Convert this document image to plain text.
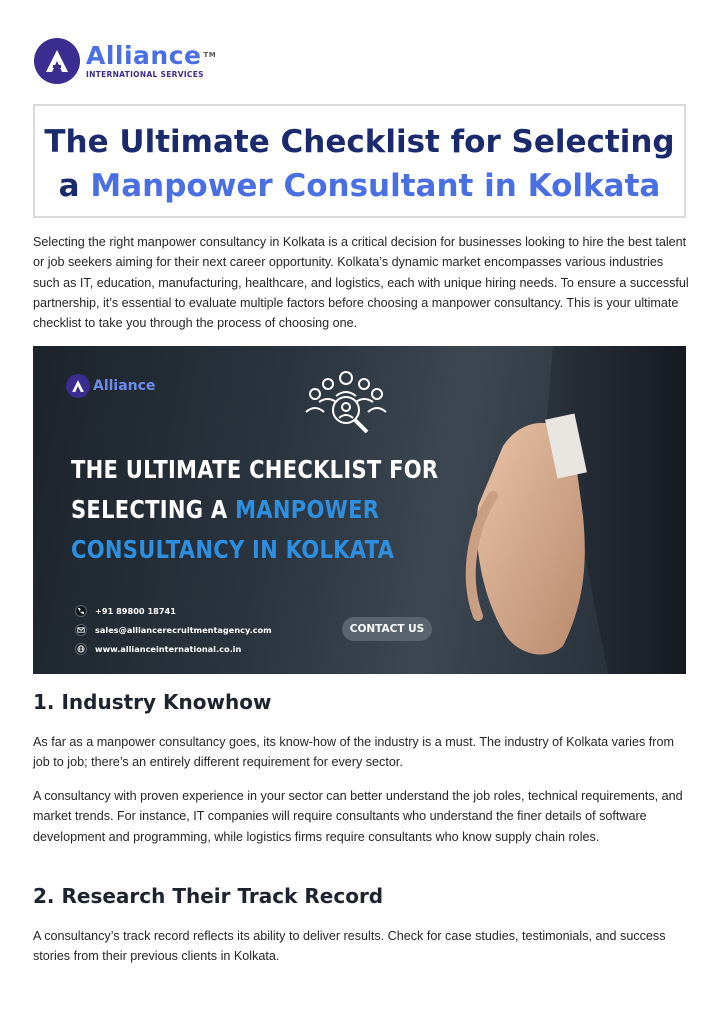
Alliance ™
INTERNATIONAL SERVICES
The Ultimate Checklist for Selecting
a Manpower Consultant in Kolkata

Selecting the right manpower consultancy in Kolkata is a critical decision for businesses looking to hire the best talent or job seekers aiming for their next career opportunity. Kolkata’s dynamic market encompasses various industries such as IT, education, manufacturing, healthcare, and logistics, each with unique hiring needs. To ensure a successful partnership, it’s essential to evaluate multiple factors before choosing a manpower consultancy. This is your ultimate checklist to take you through the process of choosing one.

Alliance
THE ULTIMATE CHECKLIST FOR
SELECTING A MANPOWER
CONSULTANCY IN KOLKATA
+91 89800 18741
sales@alliancerecruitmentagency.com
www.allianceinternational.co.in
CONTACT US
1. Industry Knowhow

As far as a manpower consultancy goes, its know-how of the industry is a must. The industry of Kolkata varies from job to job; there’s an entirely different requirement for every sector.

A consultancy with proven experience in your sector can better understand the job roles, technical requirements, and market trends. For instance, IT companies will require consultants who understand the finer details of software development and programming, while logistics firms require consultants who know supply chain roles.

2. Research Their Track Record

A consultancy’s track record reflects its ability to deliver results. Check for case studies, testimonials, and success stories from their previous clients in Kolkata.
